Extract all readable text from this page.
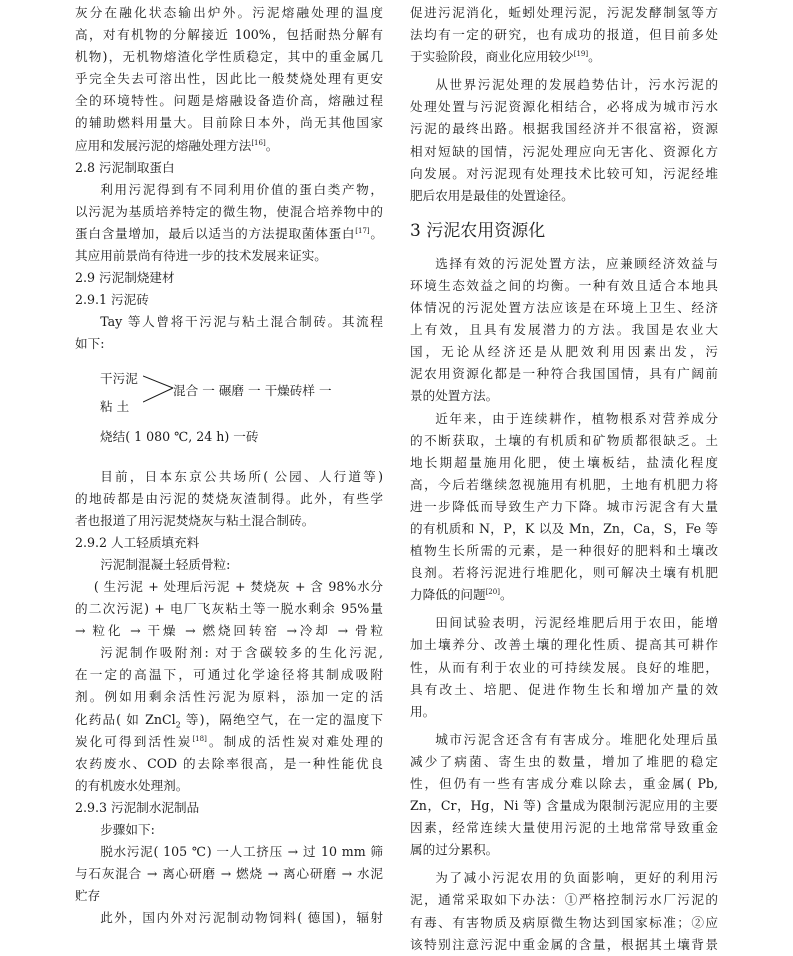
灰分在融化状态输出炉外。污泥熔融处理的温度

高，对有机物的分解接近 100%，包括耐热分解有

机物)，无机物熔渣化学性质稳定，其中的重金属几

乎完全失去可溶出性，因此比一般焚烧处理有更安

全的环境特性。问题是熔融设备造价高，熔融过程

的辅助燃料用量大。目前除日本外，尚无其他国家

应用和发展污泥的熔融处理方法[16]。

2.8 污泥制取蛋白

利用污泥得到有不同利用价值的蛋白类产物，

以污泥为基质培养特定的微生物，使混合培养物中的

蛋白含量增加，最后以适当的方法提取菌体蛋白[17]。

其应用前景尚有待进一步的技术发展来证实。

2.9 污泥制烧建材

2.9.1 污泥砖

Tay 等人曾将干污泥与粘土混合制砖。其流程

如下:

干污泥
粘 土
混合 一 碾磨 一 干燥砖样 一
烧结( 1 080 ℃, 24 h) 一砖

目前，日本东京公共场所( 公园、人行道等)

的地砖都是由污泥的焚烧灰渣制得。此外，有些学

者也报道了用污泥焚烧灰与粘土混合制砖。

2.9.2 人工轻质填充料

污泥制混凝土轻质骨粒:

( 生污泥 + 处理后污泥 + 焚烧灰 + 含 98%水分

的二次污泥) + 电厂飞灰粘土等一脱水剩余 95%量

→ 粒化 → 干燥 → 燃烧回转窑 →冷却 → 骨粒

污泥制作吸附剂: 对于含碳较多的生化污泥,

在一定的高温下，可通过化学途径将其制成吸附

剂。例如用剩余活性污泥为原料，添加一定的活

化药品( 如 ZnCl$_2$ 等)，隔绝空气，在一定的温度下

炭化可得到活性炭[18]。制成的活性炭对难处理的

农药废水、COD 的去除率很高，是一种性能优良

的有机废水处理剂。

2.9.3 污泥制水泥制品

步骤如下:

脱水污泥( 105 ℃) 一人工挤压 → 过 10 mm 筛

与石灰混合 → 离心研磨 → 燃烧 → 离心研磨 → 水泥

贮存

此外，国内外对污泥制动物饲料( 德国)，辐射

促进污泥消化，蚯蚓处理污泥，污泥发酵制氢等方

法均有一定的研究，也有成功的报道，但目前多处

于实验阶段，商业化应用较少[19]。

从世界污泥处理的发展趋势估计，污水污泥的

处理处置与污泥资源化相结合，必将成为城市污水

污泥的最终出路。根据我国经济并不很富裕，资源

相对短缺的国情，污泥处理应向无害化、资源化方

向发展。对污泥现有处理技术比较可知，污泥经堆

肥后农用是最佳的处置途径。

3 污泥农用资源化

选择有效的污泥处置方法，应兼顾经济效益与

环境生态效益之间的均衡。一种有效且适合本地具

体情况的污泥处置方法应该是在环境上卫生、经济

上有效，且具有发展潜力的方法。我国是农业大

国，无论从经济还是从肥效利用因素出发，污

泥农用资源化都是一种符合我国国情，具有广阔前

景的处置方法。

近年来，由于连续耕作，植物根系对营养成分

的不断获取，土壤的有机质和矿物质都很缺乏。土

地长期超量施用化肥，使土壤板结，盐渍化程度

高，今后若继续忽视施用有机肥，土地有机肥力将

进一步降低而导致生产力下降。城市污泥含有大量

的有机质和 N，P，K 以及 Mn，Zn，Ca，S，Fe 等

植物生长所需的元素，是一种很好的肥料和土壤改

良剂。若将污泥进行堆肥化，则可解决土壤有机肥

力降低的问题[20]。

田间试验表明，污泥经堆肥后用于农田，能增

加土壤养分、改善土壤的理化性质、提高其可耕作

性，从而有利于农业的可持续发展。良好的堆肥，

具有改土、培肥、促进作物生长和增加产量的效

用。

城市污泥含还含有有害成分。堆肥化处理后虽

减少了病菌、寄生虫的数量，增加了堆肥的稳定

性，但仍有一些有害成分难以除去，重金属( Pb,

Zn，Cr，Hg，Ni 等) 含量成为限制污泥应用的主要

因素，经常连续大量使用污泥的土地常常导致重金

属的过分累积。

为了减小污泥农用的负面影响，更好的利用污

泥，通常采取如下办法：①严格控制污水厂污泥的

有毒、有害物质及病原微生物达到国家标准；②应

该特别注意污泥中重金属的含量，根据其土壤背景
